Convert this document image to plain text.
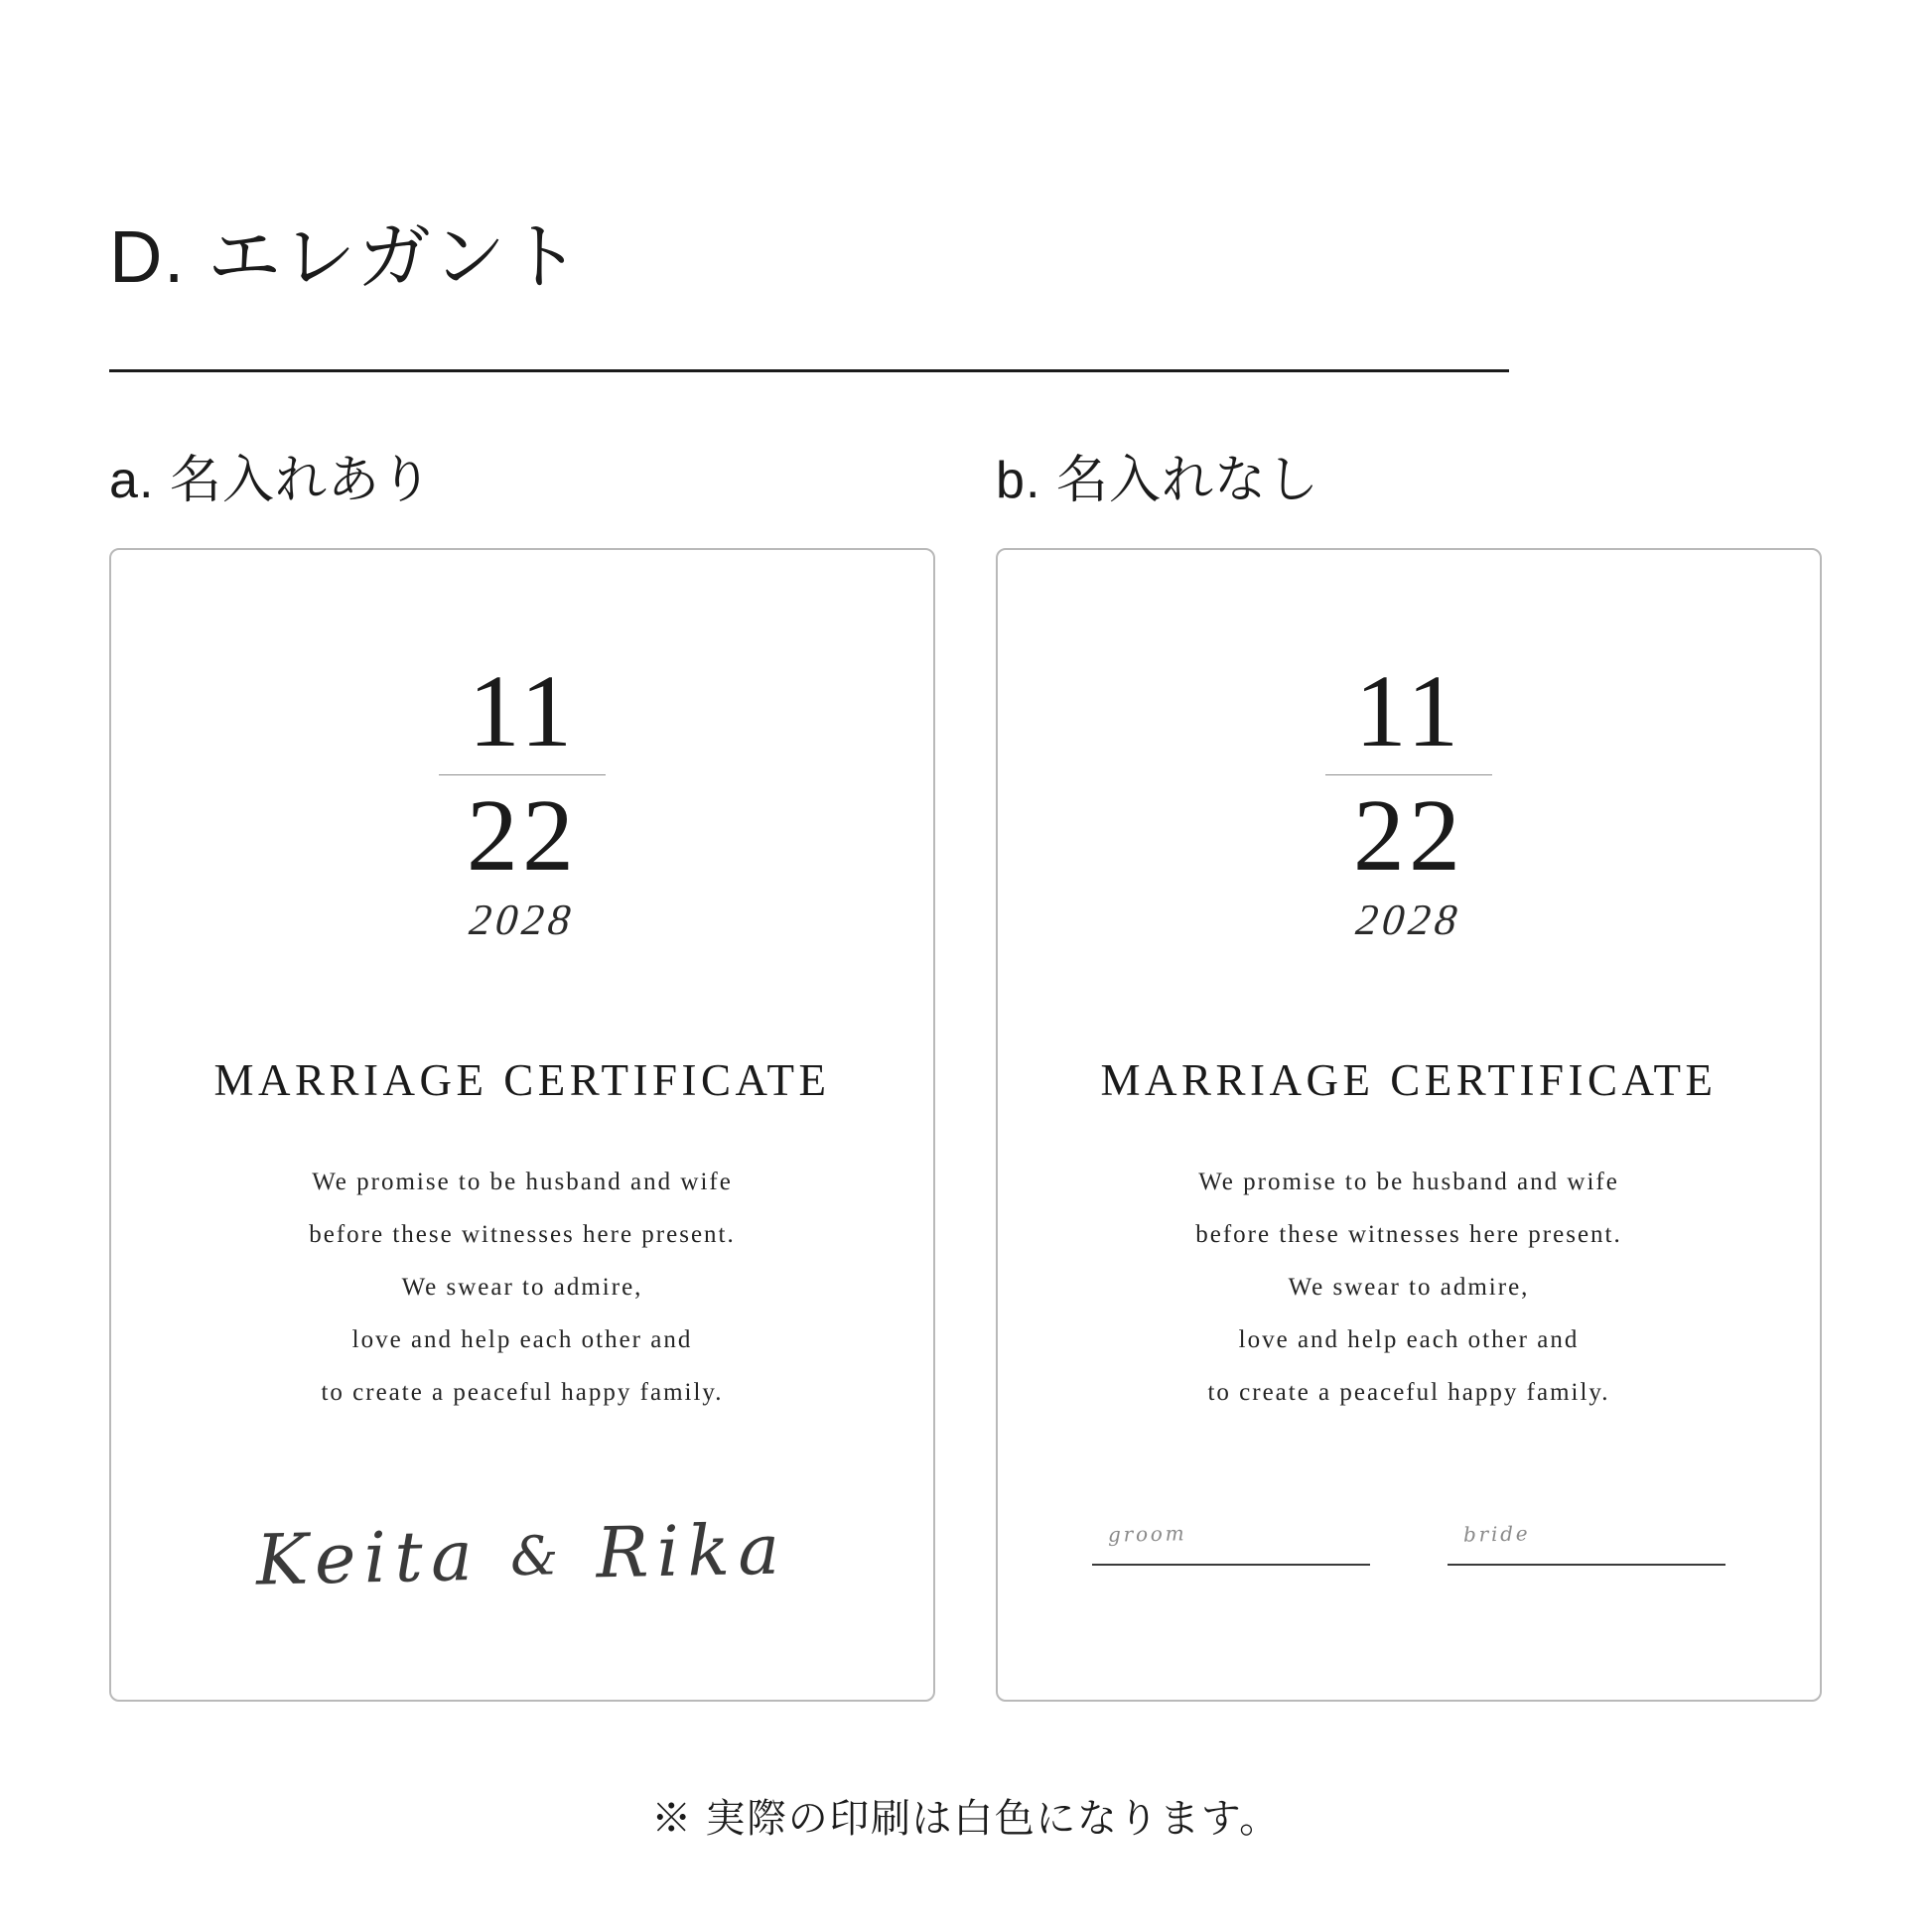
D. エレガント
a. 名入れあり	b. 名入れなし
11
22
2028
MARRIAGE CERTIFICATE
We promise to be husband and wife
before these witnesses here present.
We swear to admire,
love and help each other and
to create a peaceful happy family.
Keita & Rika
11
22
2028
MARRIAGE CERTIFICATE
We promise to be husband and wife
before these witnesses here present.
We swear to admire,
love and help each other and
to create a peaceful happy family.
groom	bride
※ 実際の印刷は白色になります。
